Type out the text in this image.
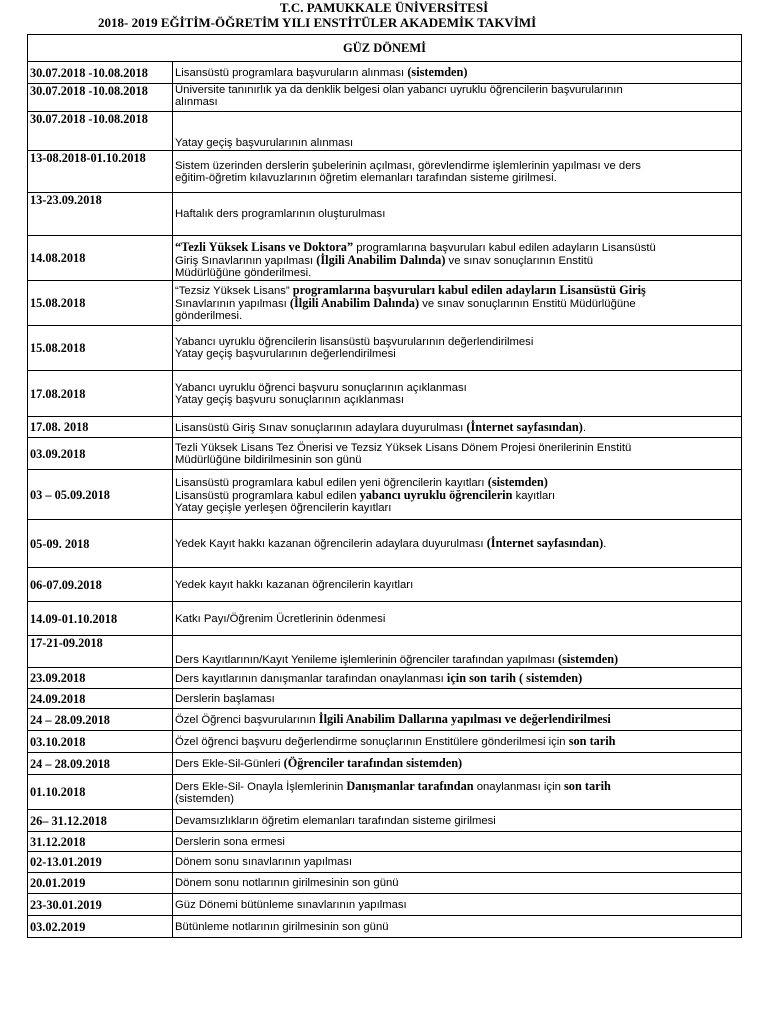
T.C. PAMUKKALE ÜNİVERSİTESİ
2018- 2019 EĞİTİM-ÖĞRETİM YILI ENSTİTÜLER AKADEMİK TAKVİMİ
GÜZ DÖNEMİ	
30.07.2018 -10.08.2018	Lisansüstü programlara başvuruların alınması (sistemden)

30.07.2018 -10.08.2018	Üniversite tanınırlık ya da denklik belgesi olan yabancı uyruklu öğrencilerin başvurularının
alınması

30.07.2018 -10.08.2018	Yatay geçiş başvurularının alınması

13-08.2018-01.10.2018	Sistem üzerinden derslerin şubelerinin açılması, görevlendirme işlemlerinin yapılması ve ders
eğitim-öğretim kılavuzlarının öğretim elemanları tarafından sisteme girilmesi.

13-23.09.2018	Haftalık ders programlarının oluşturulması

14.08.2018	“Tezli Yüksek Lisans ve Doktora” programlarına başvuruları kabul edilen adayların Lisansüstü
Giriş Sınavlarının yapılması (İlgili Anabilim Dalında) ve sınav sonuçlarının Enstitü
Müdürlüğüne gönderilmesi.

15.08.2018	“Tezsiz Yüksek Lisans” programlarına başvuruları kabul edilen adayların Lisansüstü Giriş
Sınavlarının yapılması (İlgili Anabilim Dalında) ve sınav sonuçlarının Enstitü Müdürlüğüne
gönderilmesi.

15.08.2018	Yabancı uyruklu öğrencilerin lisansüstü başvurularının değerlendirilmesi
Yatay geçiş başvurularının değerlendirilmesi

17.08.2018	Yabancı uyruklu öğrenci başvuru sonuçlarının açıklanması
Yatay geçiş başvuru sonuçlarının açıklanması

17.08. 2018	Lisansüstü Giriş Sınav sonuçlarının adaylara duyurulması (İnternet sayfasından).

03.09.2018	Tezli Yüksek Lisans Tez Önerisi ve Tezsiz Yüksek Lisans Dönem Projesi önerilerinin Enstitü
Müdürlüğüne bildirilmesinin son günü

03 – 05.09.2018	Lisansüstü programlara kabul edilen yeni öğrencilerin kayıtları (sistemden)
Lisansüstü programlara kabul edilen yabancı uyruklu öğrencilerin kayıtları
Yatay geçişle yerleşen öğrencilerin kayıtları

05-09. 2018	Yedek Kayıt hakkı kazanan öğrencilerin adaylara duyurulması (İnternet sayfasından).

06-07.09.2018	Yedek kayıt hakkı kazanan öğrencilerin kayıtları

14.09-01.10.2018	Katkı Payı/Öğrenim Ücretlerinin ödenmesi

17-21-09.2018	Ders Kayıtlarının/Kayıt Yenileme işlemlerinin öğrenciler tarafından yapılması (sistemden)

23.09.2018	Ders kayıtlarının danışmanlar tarafından onaylanması için son tarih ( sistemden)

24.09.2018	Derslerin başlaması

24 – 28.09.2018	Özel Öğrenci başvurularının İlgili Anabilim Dallarına yapılması ve değerlendirilmesi

03.10.2018	Özel öğrenci başvuru değerlendirme sonuçlarının Enstitülere gönderilmesi için son tarih

24 – 28.09.2018	Ders Ekle-Sil-Günleri (Öğrenciler tarafından sistemden)

01.10.2018	Ders Ekle-Sil- Onayla İşlemlerinin Danışmanlar tarafından onaylanması için son tarih
(sistemden)

26– 31.12.2018	Devamsızlıkların öğretim elemanları tarafından sisteme girilmesi

31.12.2018	Derslerin sona ermesi

02-13.01.2019	Dönem sonu sınavlarının yapılması

20.01.2019	Dönem sonu notlarının girilmesinin son günü

23-30.01.2019	Güz Dönemi bütünleme sınavlarının yapılması

03.02.2019	Bütünleme notlarının girilmesinin son günü
